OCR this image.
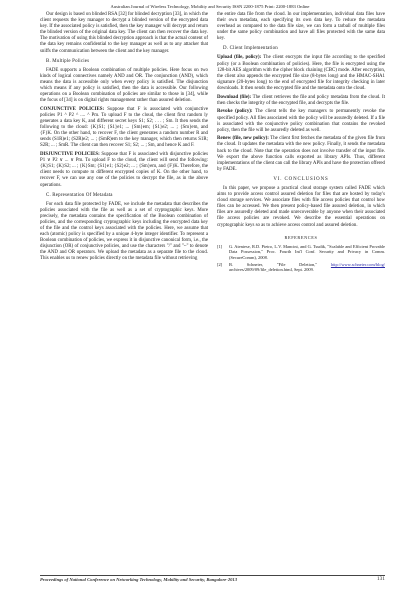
Australian Journal of Wireless Technology, Mobility and Security ISSN 2200-1875 Print: 2200-1883 Online

Our design is based on blinded RSA [32] for blinded decryption [33], in which the client requests the key manager to decrypt a blinded version of the encrypted data key. If the associated policy is satisfied, then the key manager will decrypt and return the blinded version of the original data key. The client can then recover the data key. The motivation of using this blinded decryption approach is that the actual content of the data key remains confidential to the key manager as well as to any attacker that sniffs the communication between the client and the key manager.

B. Multiple Policies

FADE supports a Boolean combination of multiple policies. Here focus on two kinds of logical connectives namely AND and OR. The conjunction (AND), which means the data is accessible only when every policy is satisfied. The disjunction which means if any policy is satisfied, then the data is accessible. Our following operations on a Boolean combination of policies are similar to those in [34], while the focus of [34] is on digital rights management rather than assured deletion.

CONJUNCTIVE POLICIES: Suppose that F is associated with conjunctive policies P1 ^ P2 ^ .... ^ Pm. To upload F to the cloud, the client first random ly generates a data key K, and different secret keys S1; S2; . . . ; Sm. It then sends the following to the cloud: {K}S1; {S1}e1; ... {Sm}em; {S1}e2; ... ; {Sm}em, and {F}K. On the other hand, to recover F, the client generates a random number R and sends (S1R)e1; (S2R)e2; ... ; (SmR)em to the key manager, which then returns S1R; S2R; ... ; SmR. The client can then recover S1; S2; ... ; Sm, and hence K and F.

DISJUNCTIVE POLICIES: Suppose that F is associated with disjunctive policies P1 ∨ P2 ∨ ... ∨ Pm. To upload F to the cloud, the client will send the following: {K}S1; {K}S2; ... ; {K}Sm; {S1}e1; {S2}e2; ... ; {Sm}em, and {F}K. Therefore, the client needs to compute m different encrypted copies of K. On the other hand, to recover F, we can use any one of the policies to decrypt the file, as in the above operations.

C. Representation Of Metadata

For each data file protected by FADE, we include the metadata that describes the policies associated with the file as well as a set of cryptographic keys. More precisely, the metadata contains the specification of the Boolean combination of policies, and the corresponding cryptographic keys including the encrypted data key of the file and the control keys associated with the policies. Here, we assume that each (atomic) policy is specified by a unique 4-byte integer identifier. To represent a Boolean combination of policies, we express it in disjunctive canonical form, i.e., the disjunction (OR) of conjunctive policies, and use the characters "/" and "~" to denote the AND and OR operators. We upload the metadata as a separate file to the cloud. This enables us to renew policies directly on the metadata file without retrieving

the entire data file from the cloud. In our implementation, individual data files have their own metadata, each specifying its own data key. To reduce the metadata overhead as compared to the data file size, we can form a tarball of multiple files under the same policy combination and have all files protected with the same data key.

D. Client Implementation

Upload (file, policy): The client encrypts the input file according to the specified policy (or a Boolean combination of policies). Here, the file is encrypted using the 128-bit AES algorithm with the cipher block chaining (CBC) mode. After encryption, the client also appends the encrypted file size (8-bytes long) and the HMAC-SHA1 signature (20-bytes long) to the end of encrypted file for integrity checking in later downloads. It then sends the encrypted file and the metadata onto the cloud.

Download (file): The client retrieves the file and policy metadata from the cloud. It then checks the integrity of the encrypted file, and decrypts the file.

Revoke (policy): The client tells the key managers to permanently revoke the specified policy. All files associated with the policy will be assuredly deleted. If a file is associated with the conjunctive policy combination that contains the revoked policy, then the file will be assuredly deleted as well.

Renew (file, new policy): The client first fetches the metadata of the given file from the cloud. It updates the metadata with the new policy. Finally, it sends the metadata back to the cloud. Note that the operation does not involve transfer of the input file. We export the above function calls exported as library APIs. Thus, different implementations of the client can call the library APIs and have the protection offered by FADE.

VI. CONCLUSIONS

In this paper, we propose a practical cloud storage system called FADE which aims to provide access control assured deletion for files that are hosted by today's cloud storage services. We associate files with file access policies that control how files can be accessed. We then present policy-based file assured deletion, in which files are assuredly deleted and made unrecoverable by anyone when their associated file access policies are revoked. We describe the essential operations on cryptographic keys so as to achieve access control and assured deletion.

REFERENCES
[1]	G. Ateniese, R.D. Pietro, L.V. Mancini, and G. Tsudik, "Scalable and Efficient Provable Data Possession," Proc. Fourth Int'l Conf. Security and Privacy in Comm. (SecureComm), 2008.
[2]	B. Schneier, "File Deletion," http://www.schneier.com/blog/ archives/2009/09/file_deletion.html, Sept. 2009.
Proceedings of National Conference on Networking Technology, Mobility and Security, Bangalore-2013	131
